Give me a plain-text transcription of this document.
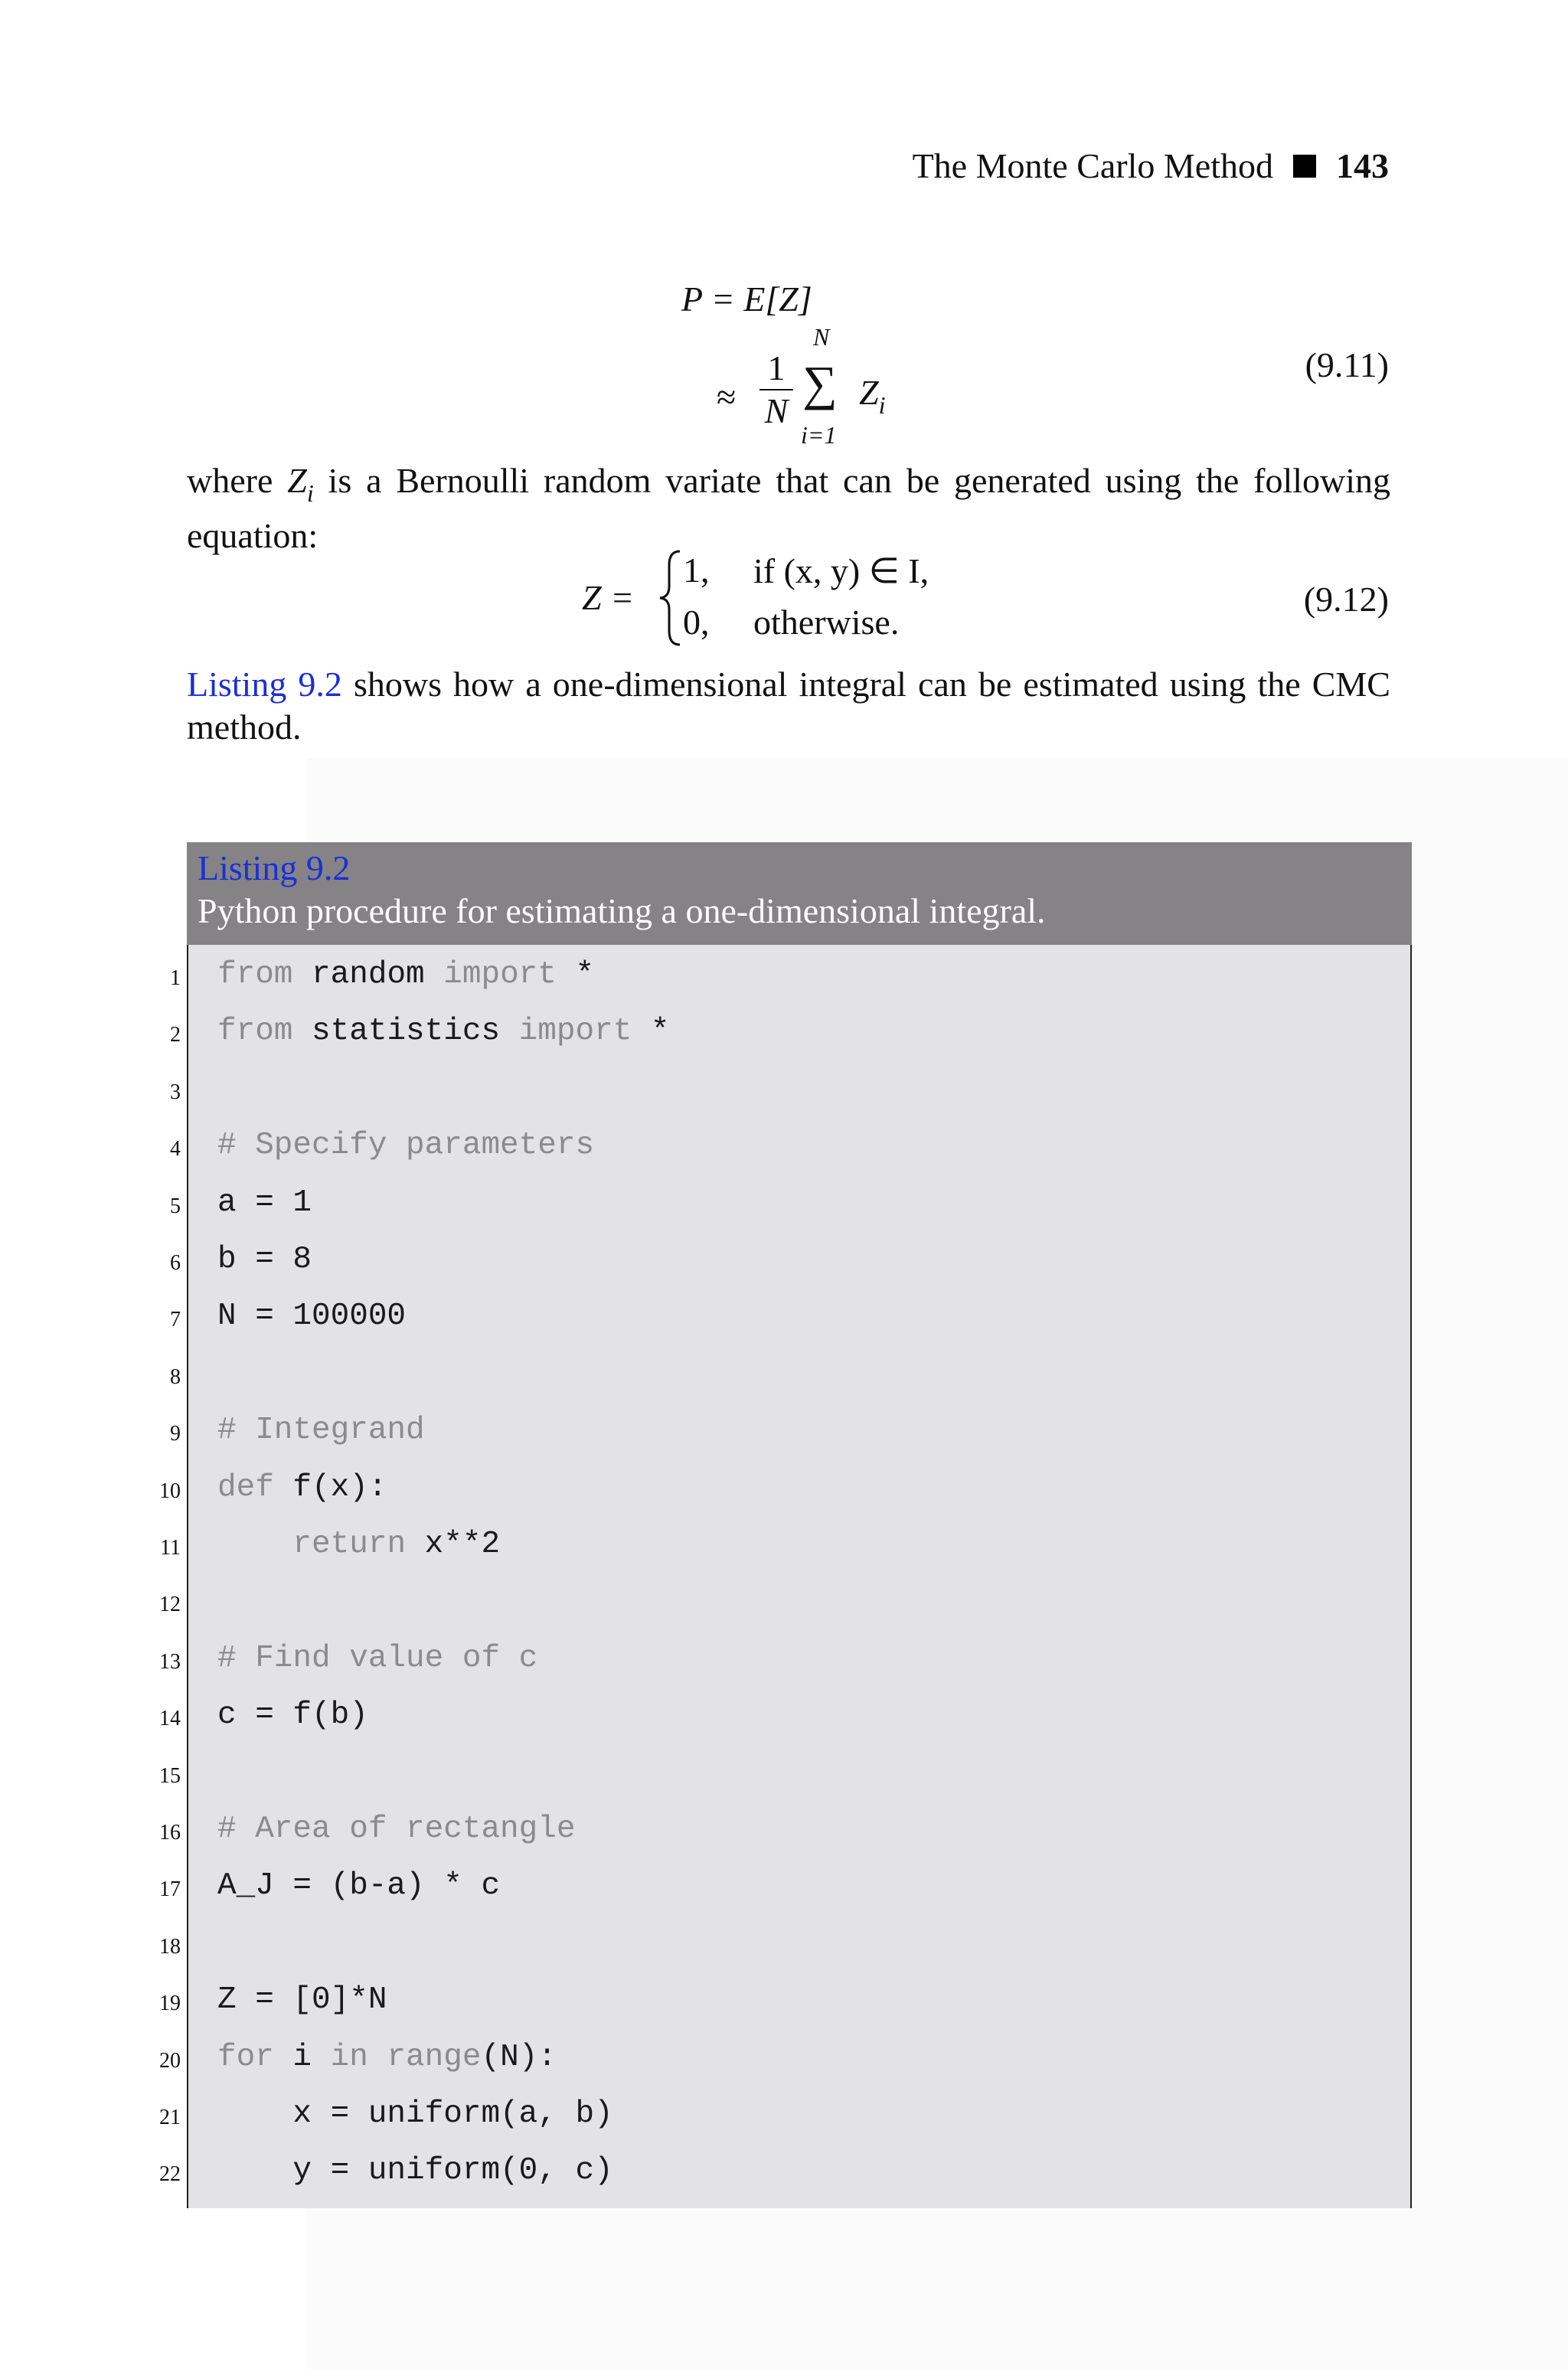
The Monte Carlo Method 143
P = E[Z]
≈
1
N
N
∑
i=1
$Z_i$
(9.11)
where $Z_i$ is a Bernoulli random variate that can be generated using the following equation:
Z =
1, if (x, y) ∈ I,
0, otherwise.
(9.12)
Listing 9.2 shows how a one-dimensional integral can be estimated using the CMC method.
Listing 9.2
Python procedure for estimating a one-dimensional integral.
from random import *
from statistics import *
# Specify parameters
a = 1
b = 8
N = 100000
# Integrand
def f(x):
return x**2
# Find value of c
c = f(b)
# Area of rectangle
A_J = (b-a) * c
Z = [0]*N
for i in range(N):
x = uniform(a, b)
y = uniform(0, c)
1
2
3
4
5
6
7
8
9
10
11
12
13
14
15
16
17
18
19
20
21
22
